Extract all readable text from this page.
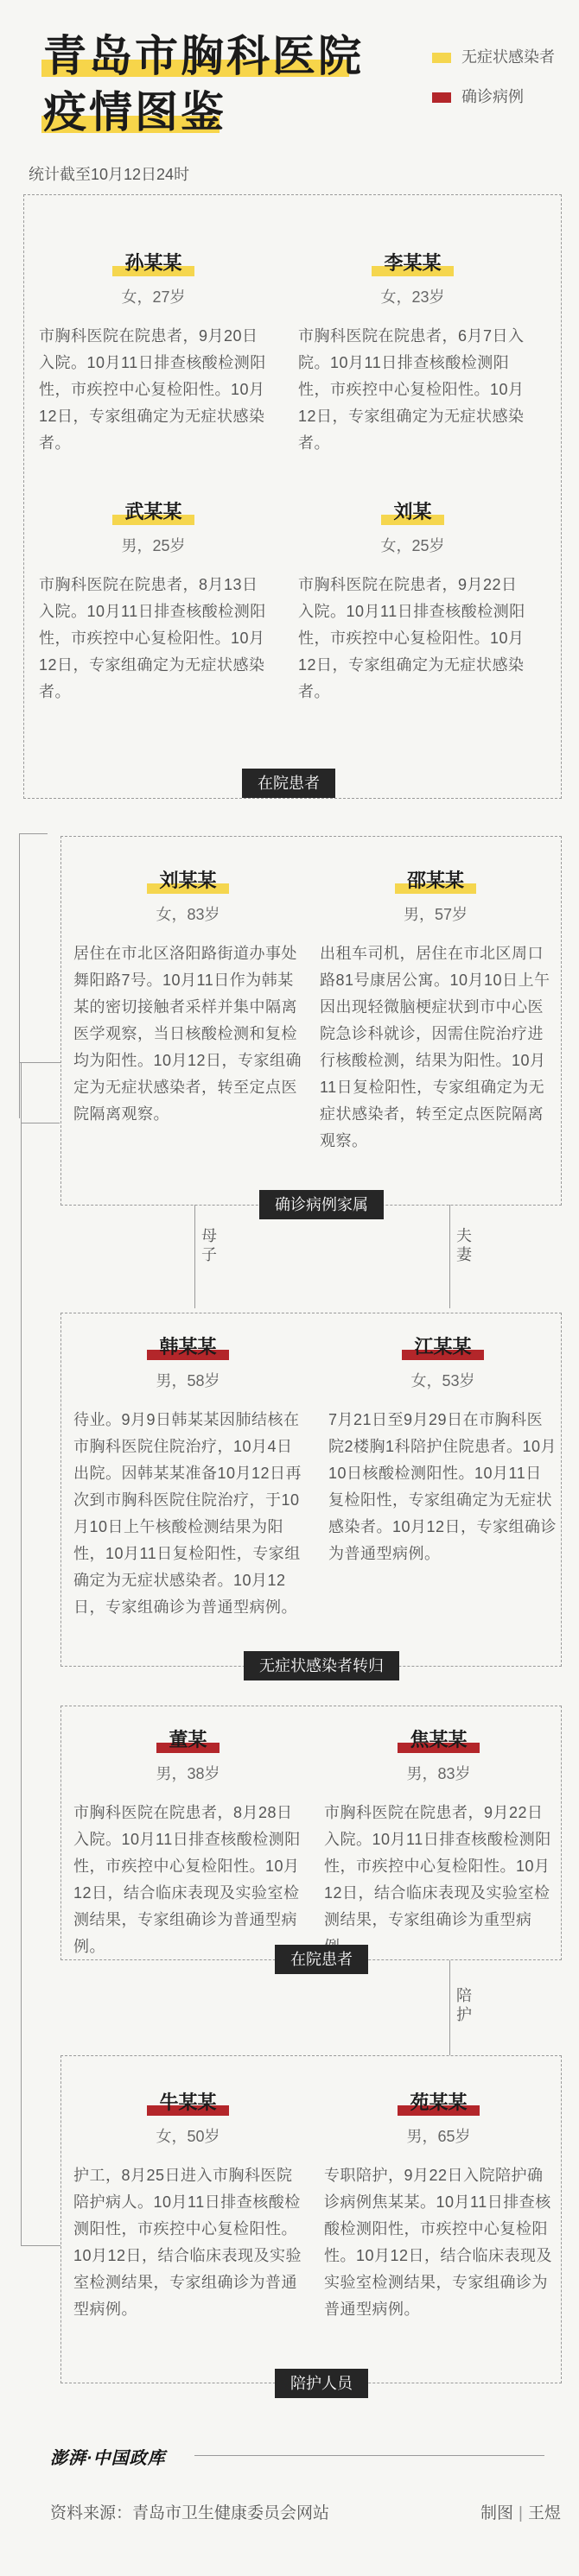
青岛市胸科医院
疫情图鉴
无症状感染者
确诊病例
统计截至10月12日24时
母子
夫妻
陪护
孙某某
女，27岁
市胸科医院在院患者，9月20日入院。10月11日排查核酸检测阳性，市疾控中心复检阳性。10月12日，专家组确定为无症状感染者。
李某某
女，23岁
市胸科医院在院患者，6月7日入院。10月11日排查核酸检测阳性，市疾控中心复检阳性。10月12日，专家组确定为无症状感染者。
武某某
男，25岁
市胸科医院在院患者，8月13日入院。10月11日排查核酸检测阳性，市疾控中心复检阳性。10月12日，专家组确定为无症状感染者。
刘某
女，25岁
市胸科医院在院患者，9月22日入院。10月11日排查核酸检测阳性，市疾控中心复检阳性。10月12日，专家组确定为无症状感染者。
在院患者
刘某某
女，83岁
居住在市北区洛阳路街道办事处舞阳路7号。10月11日作为韩某某的密切接触者采样并集中隔离医学观察，当日核酸检测和复检均为阳性。10月12日，专家组确定为无症状感染者，转至定点医院隔离观察。
邵某某
男，57岁
出租车司机，居住在市北区周口路81号康居公寓。10月10日上午因出现轻微脑梗症状到市中心医院急诊科就诊，因需住院治疗进行核酸检测，结果为阳性。10月11日复检阳性，专家组确定为无症状感染者，转至定点医院隔离观察。
确诊病例家属
韩某某
男，58岁
待业。9月9日韩某某因肺结核在市胸科医院住院治疗，10月4日出院。因韩某某准备10月12日再次到市胸科医院住院治疗，于10月10日上午核酸检测结果为阳性，10月11日复检阳性，专家组确定为无症状感染者。10月12日，专家组确诊为普通型病例。
江某某
女，53岁
7月21日至9月29日在市胸科医院2楼胸1科陪护住院患者。10月10日核酸检测阳性。10月11日复检阳性，专家组确定为无症状感染者。10月12日，专家组确诊为普通型病例。
无症状感染者转归
董某
男，38岁
市胸科医院在院患者，8月28日入院。10月11日排查核酸检测阳性，市疾控中心复检阳性。10月12日，结合临床表现及实验室检测结果，专家组确诊为普通型病例。
焦某某
男，83岁
市胸科医院在院患者，9月22日入院。10月11日排查核酸检测阳性，市疾控中心复检阳性。10月12日，结合临床表现及实验室检测结果，专家组确诊为重型病
在院患者
牛某某
女，50岁
护工，8月25日进入市胸科医院陪护病人。10月11日排查核酸检测阳性，市疾控中心复检阳性。10月12日，结合临床表现及实验室检测结果，专家组确诊为普通型病例。
苑某某
男，65岁
专职陪护，9月22日入院陪护确诊病例焦某某。10月11日排查核酸检测阳性，市疾控中心复检阳性。10月12日，结合临床表现及实验室检测结果，专家组确诊为普通型病例。
陪护人员
澎湃·中国政库
资料来源：青岛市卫生健康委员会网站	制图 | 王煜
